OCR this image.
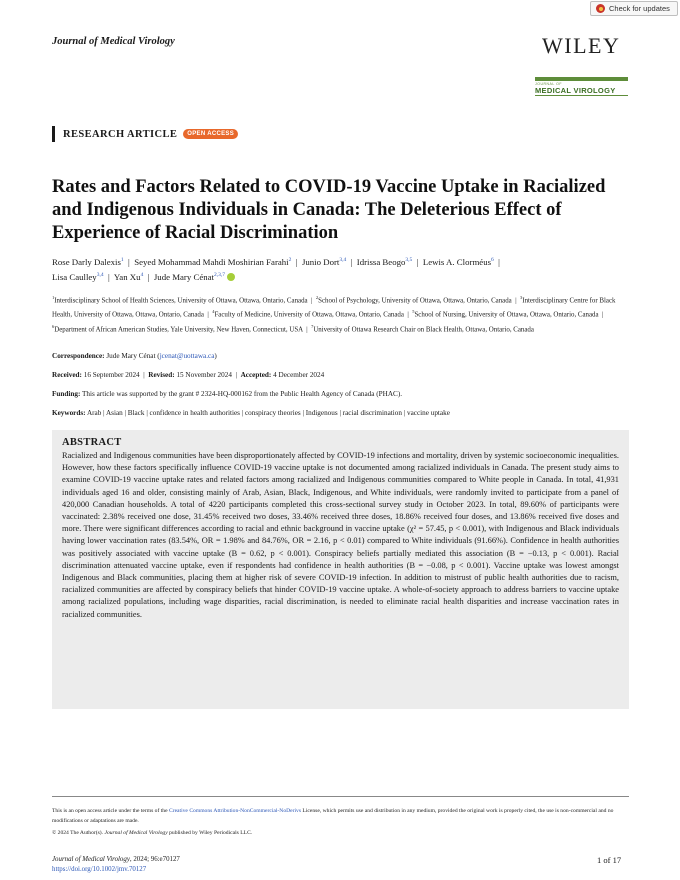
Check for updates
Journal of Medical Virology	WILEY
JOURNAL OF
MEDICAL VIROLOGY
RESEARCH ARTICLE	OPEN ACCESS
Rates and Factors Related to COVID-19 Vaccine Uptake in Racialized and Indigenous Individuals in Canada: The Deleterious Effect of Experience of Racial Discrimination
Rose Darly Dalexis$^1$  |  Seyed Mohammad Mahdi Moshirian Farahi$^2$  |  Junio Dort$^{3,4}$  |  Idrissa Beogo$^{3,5}$  |  Lewis A. Clorméus$^6$  |
Lisa Caulley$^{3,4}$  |  Yan Xu$^4$  |  Jude Mary Cénat$^{2,3,7}$
$^1$Interdisciplinary School of Health Sciences, University of Ottawa, Ottawa, Ontario, Canada  |  $^2$School of Psychology, University of Ottawa, Ottawa, Ontario, Canada  |  $^3$Interdisciplinary Centre for Black Health, University of Ottawa, Ottawa, Ontario, Canada  |  $^4$Faculty of Medicine, University of Ottawa, Ottawa, Ontario, Canada  |  $^5$School of Nursing, University of Ottawa, Ottawa, Ontario, Canada  |  $^6$Department of African American Studies, Yale University, New Haven, Connecticut, USA  |  $^7$University of Ottawa Research Chair on Black Health, Ottawa, Ontario, Canada
Correspondence: Jude Mary Cénat (jcenat@uottawa.ca)
Received: 16 September 2024  |  Revised: 15 November 2024  |  Accepted: 4 December 2024
Funding: This article was supported by the grant # 2324-HQ-000162 from the Public Health Agency of Canada (PHAC).
Keywords: Arab | Asian | Black | confidence in health authorities | conspiracy theories | Indigenous | racial discrimination | vaccine uptake
ABSTRACT
Racialized and Indigenous communities have been disproportionately affected by COVID-19 infections and mortality, driven by systemic socioeconomic inequalities. However, how these factors specifically influence COVID-19 vaccine uptake is not documented among racialized individuals in Canada. The present study aims to examine COVID-19 vaccine uptake rates and related factors among racialized and Indigenous communities compared to White people in Canada. In total, 41,931 individuals aged 16 and older, consisting mainly of Arab, Asian, Black, Indigenous, and White individuals, were randomly invited to participate from a panel of 420,000 Canadian households. A total of 4220 participants completed this cross-sectional survey study in October 2023. In total, 89.60% of participants were vaccinated: 2.38% received one dose, 31.45% received two doses, 33.46% received three doses, 18.86% received four doses, and 13.86% received five doses and more. There were significant differences according to racial and ethnic background in vaccine uptake (χ² = 57.45, p < 0.001), with Indigenous and Black individuals having lower vaccination rates (83.54%, OR = 1.98% and 84.76%, OR = 2.16, p < 0.01) compared to White individuals (91.66%). Confidence in health authorities was positively associated with vaccine uptake (B = 0.62, p < 0.001). Conspiracy beliefs partially mediated this association (B = −0.13, p < 0.001). Racial discrimination attenuated vaccine uptake, even if respondents had confidence in health authorities (B = −0.08, p < 0.001). Vaccine uptake was lowest amongst Indigenous and Black communities, placing them at higher risk of severe COVID-19 infection. In addition to mistrust of public health authorities due to racism, racialized communities are affected by conspiracy beliefs that hinder COVID-19 vaccine uptake. A whole-of-society approach to address barriers to vaccine uptake among racialized populations, including wage disparities, racial discrimination, is needed to eliminate racial health disparities and increase vaccination rates in racialized communities.
This is an open access article under the terms of the Creative Commons Attribution-NonCommercial-NoDerivs License, which permits use and distribution in any medium, provided the original work is properly cited, the use is non-commercial and no modifications or adaptations are made.
© 2024 The Author(s). Journal of Medical Virology published by Wiley Periodicals LLC.
Journal of Medical Virology, 2024; 96:e70127
https://doi.org/10.1002/jmv.70127
1 of 17
